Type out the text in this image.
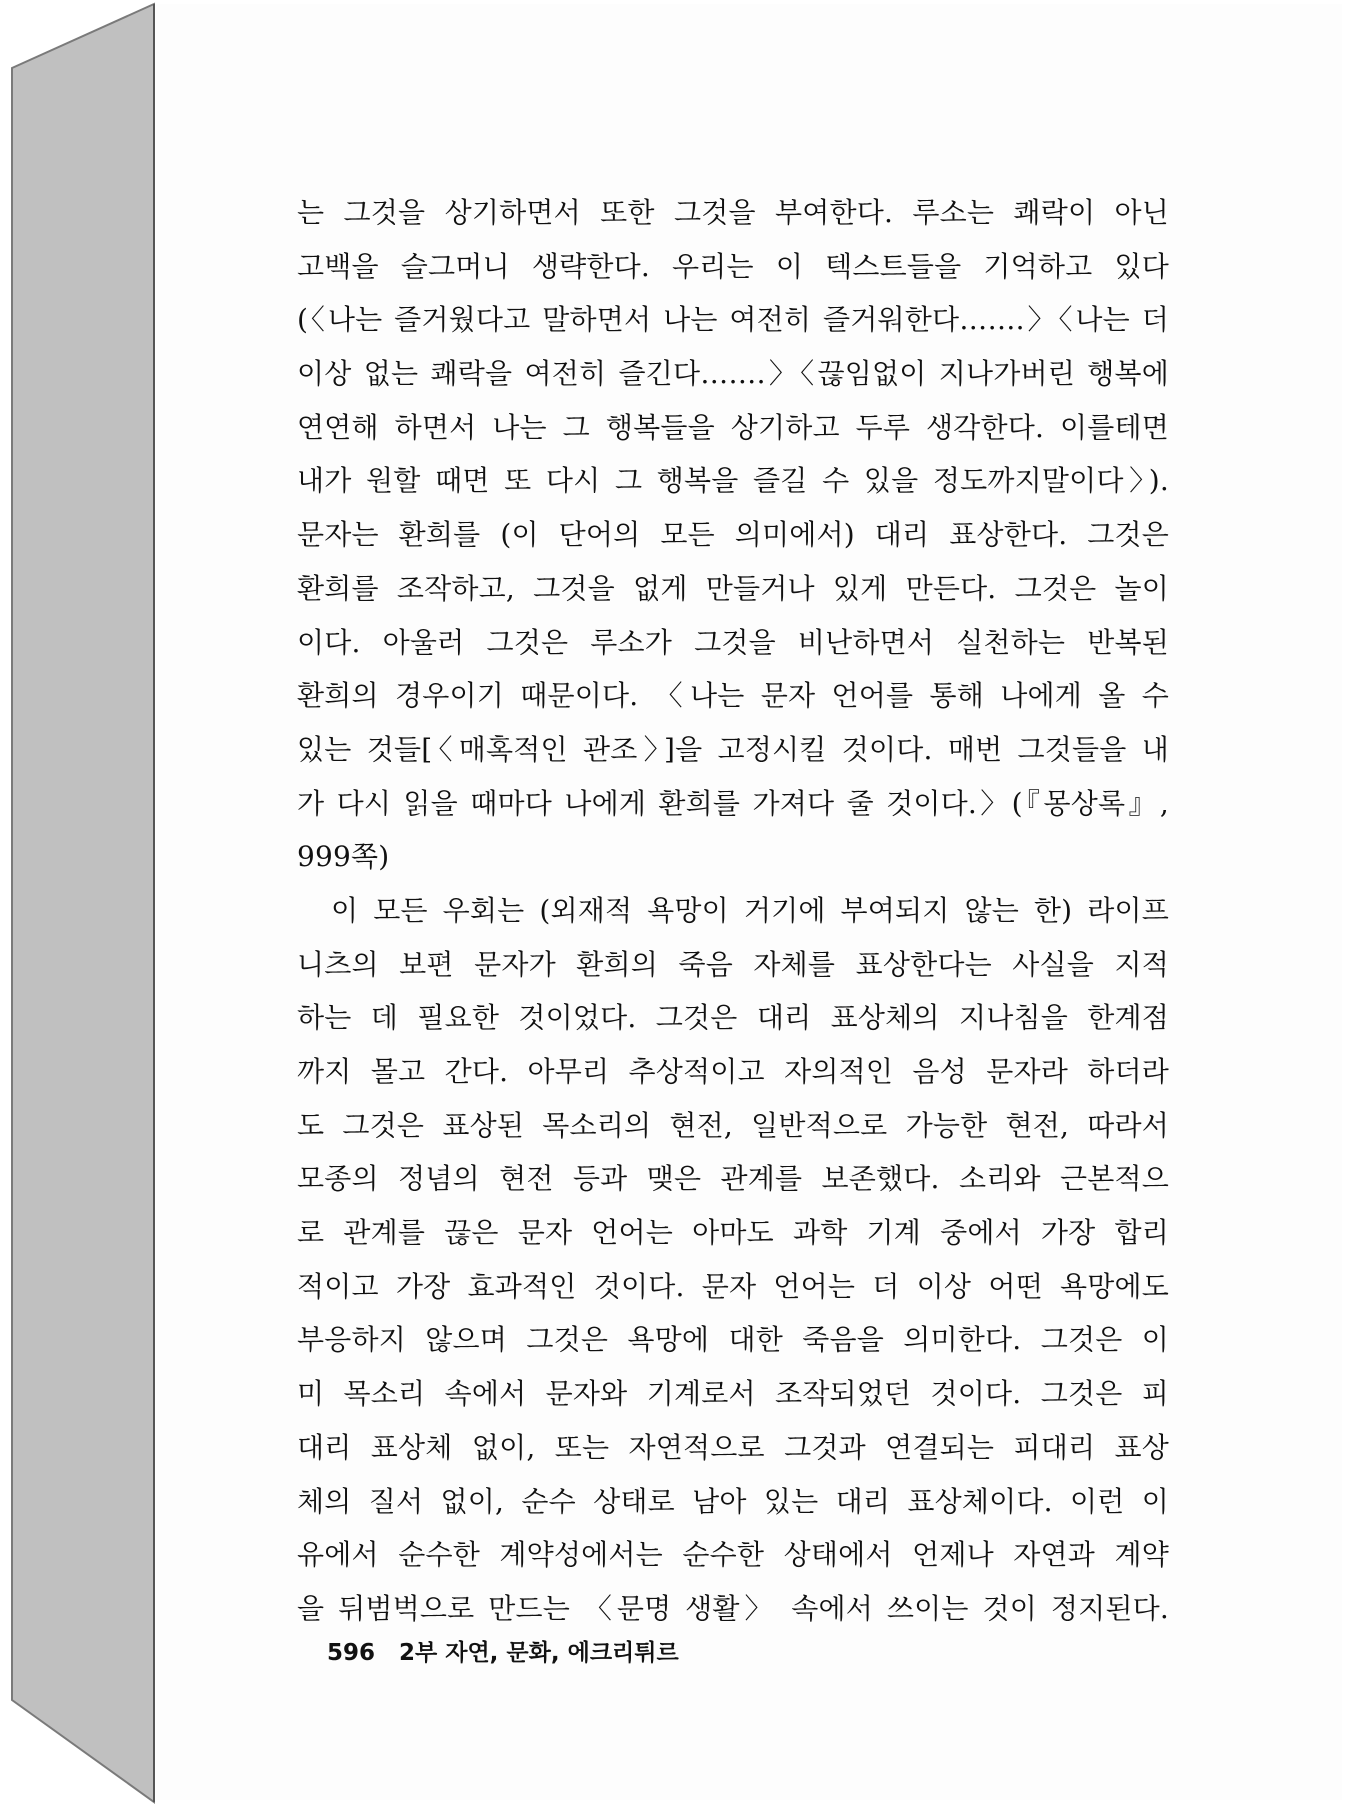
는 그것을 상기하면서 또한 그것을 부여한다. 루소는 쾌락이 아닌
고백을 슬그머니 생략한다. 우리는 이 텍스트들을 기억하고 있다
(〈나는 즐거웠다고 말하면서 나는 여전히 즐거워한다…….〉〈나는 더
이상 없는 쾌락을 여전히 즐긴다…….〉〈끊임없이 지나가버린 행복에
연연해 하면서 나는 그 행복들을 상기하고 두루 생각한다. 이를테면
내가 원할 때면 또 다시 그 행복을 즐길 수 있을 정도까지말이다〉).
문자는 환희를 (이 단어의 모든 의미에서) 대리 표상한다. 그것은
환희를 조작하고, 그것을 없게 만들거나 있게 만든다. 그것은 놀이
이다. 아울러 그것은 루소가 그것을 비난하면서 실천하는 반복된
환희의 경우이기 때문이다. 〈나는 문자 언어를 통해 나에게 올 수
있는 것들[〈매혹적인 관조〉]을 고정시킬 것이다. 매번 그것들을 내
가 다시 읽을 때마다 나에게 환희를 가져다 줄 것이다.〉(『몽상록』,
999쪽)
이 모든 우회는 (외재적 욕망이 거기에 부여되지 않는 한) 라이프
니츠의 보편 문자가 환희의 죽음 자체를 표상한다는 사실을 지적
하는 데 필요한 것이었다. 그것은 대리 표상체의 지나침을 한계점
까지 몰고 간다. 아무리 추상적이고 자의적인 음성 문자라 하더라
도 그것은 표상된 목소리의 현전, 일반적으로 가능한 현전, 따라서
모종의 정념의 현전 등과 맺은 관계를 보존했다. 소리와 근본적으
로 관계를 끊은 문자 언어는 아마도 과학 기계 중에서 가장 합리
적이고 가장 효과적인 것이다. 문자 언어는 더 이상 어떤 욕망에도
부응하지 않으며 그것은 욕망에 대한 죽음을 의미한다. 그것은 이
미 목소리 속에서 문자와 기계로서 조작되었던 것이다. 그것은 피
대리 표상체 없이, 또는 자연적으로 그것과 연결되는 피대리 표상
체의 질서 없이, 순수 상태로 남아 있는 대리 표상체이다. 이런 이
유에서 순수한 계약성에서는 순수한 상태에서 언제나 자연과 계약
을 뒤범벅으로 만드는 〈문명 생활〉 속에서 쓰이는 것이 정지된다.
596 2부 자연, 문화, 에크리튀르
